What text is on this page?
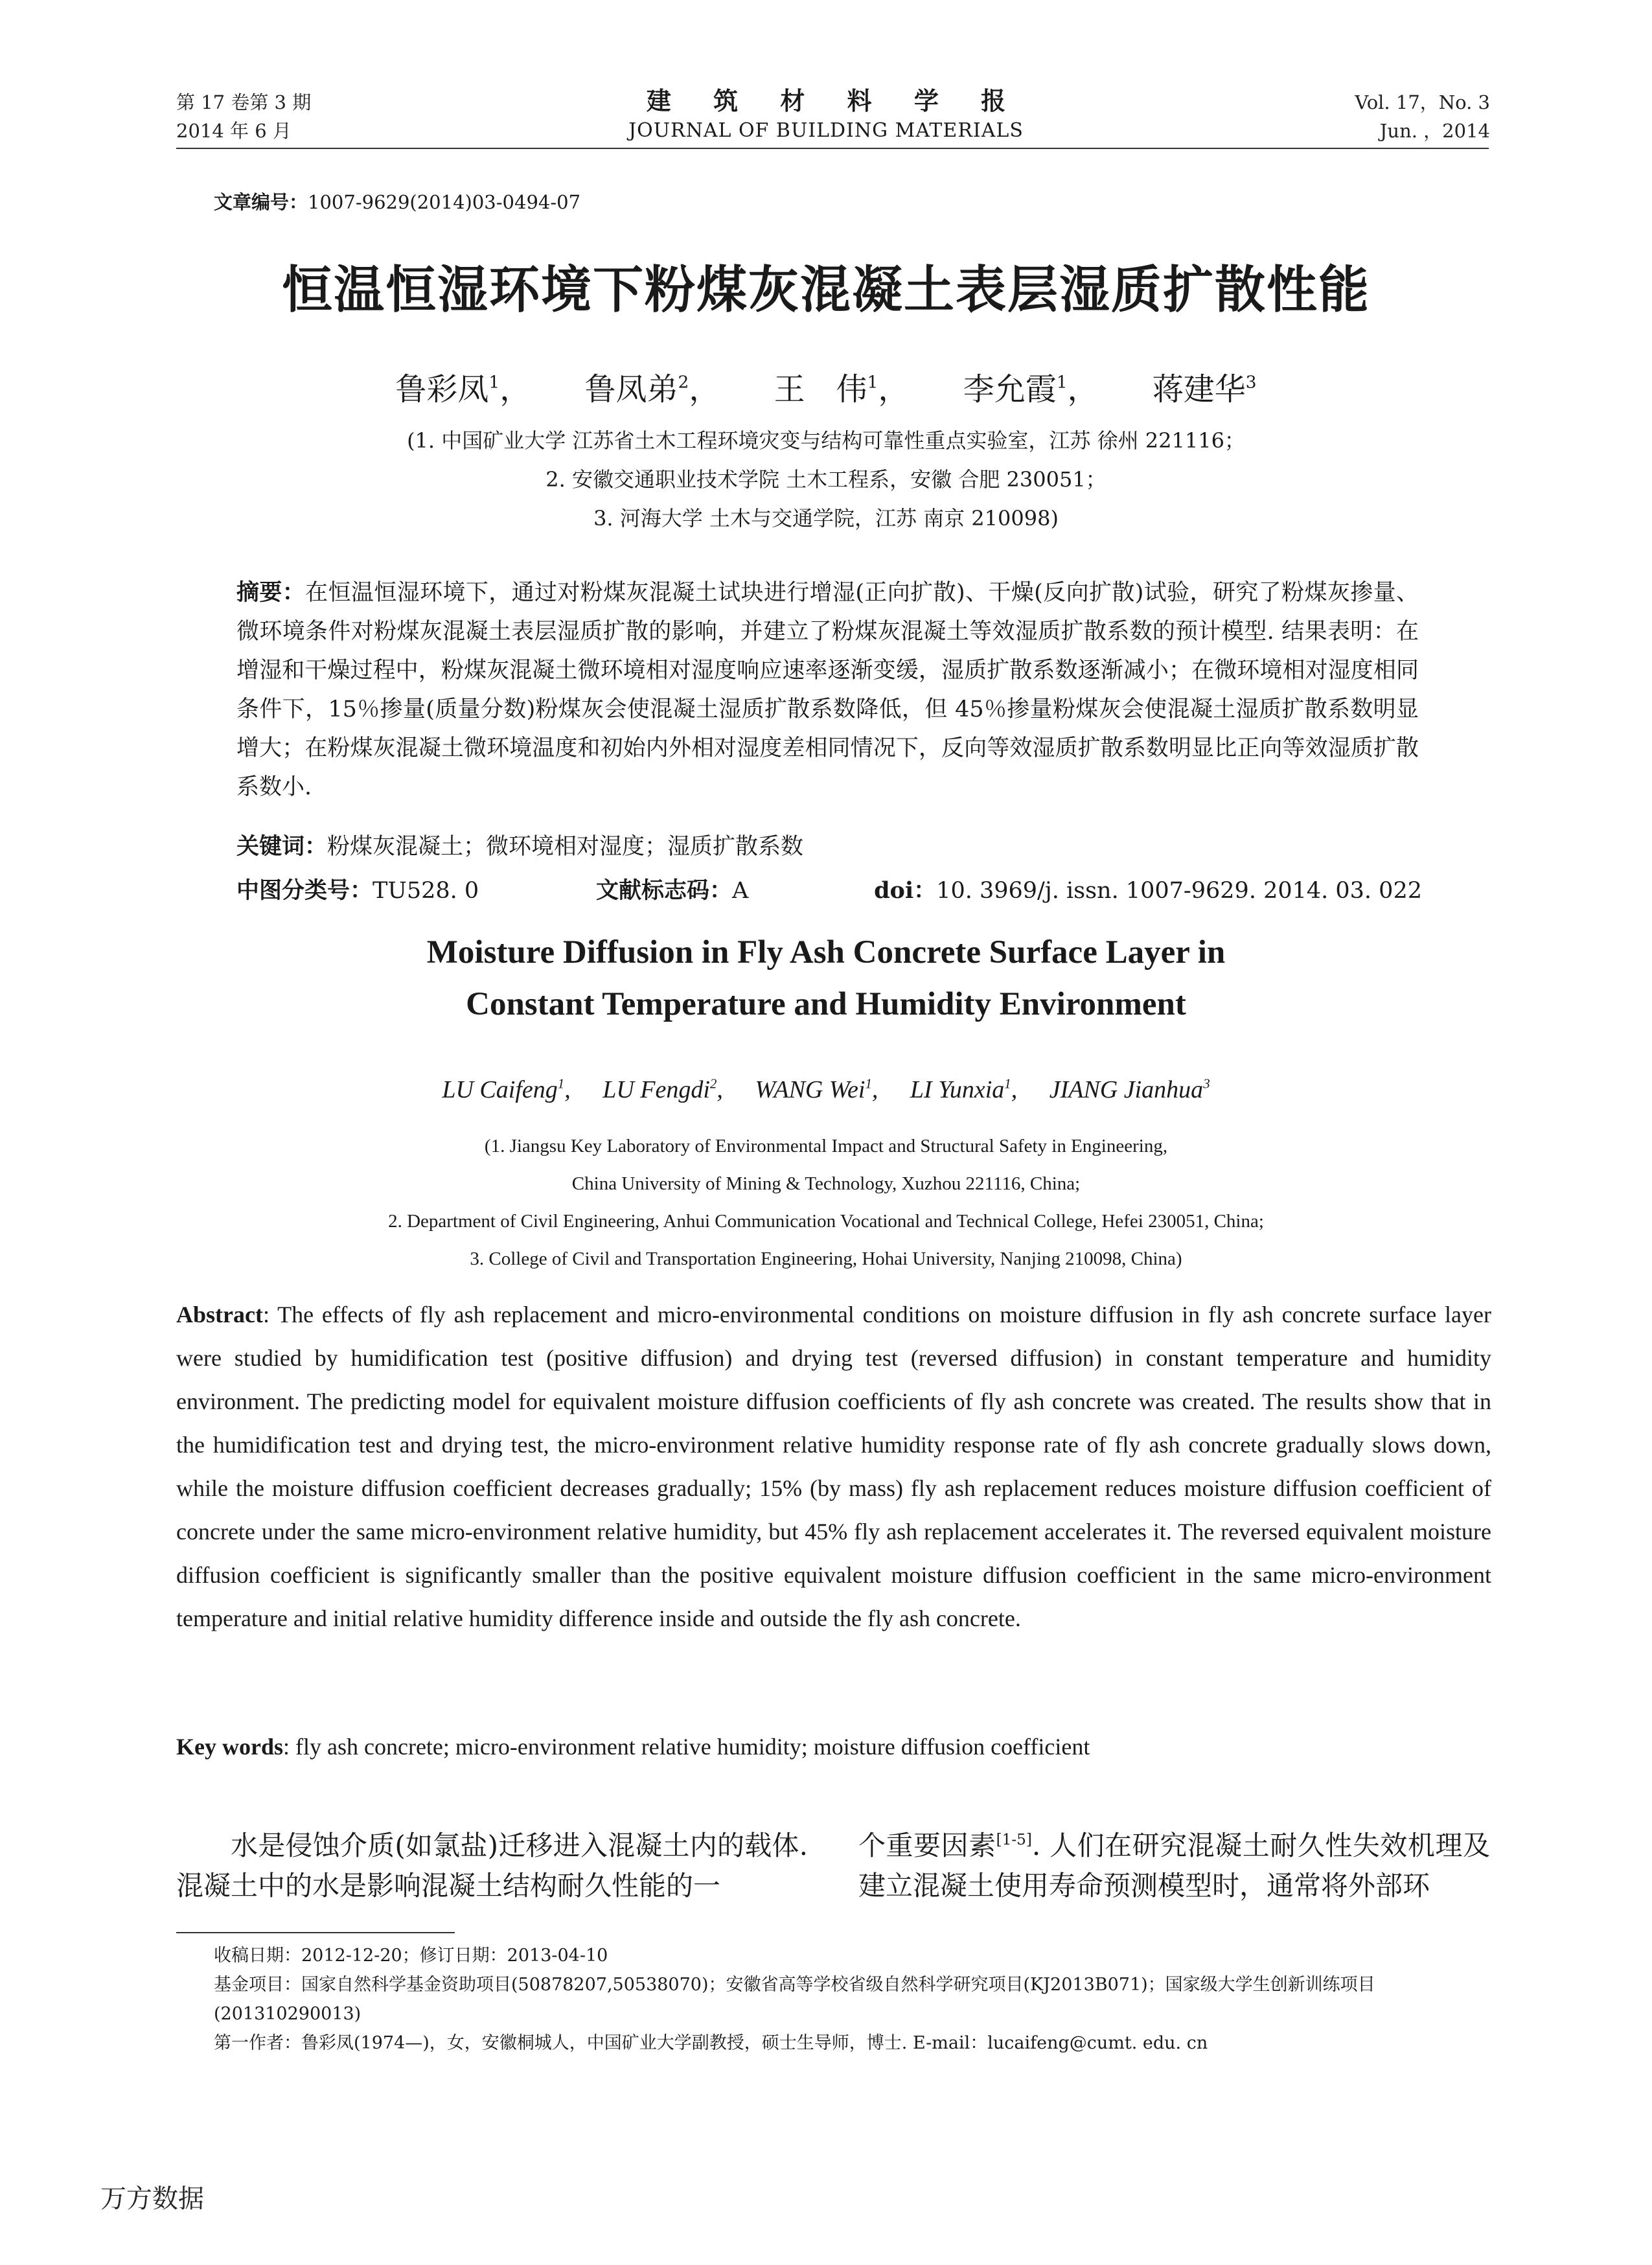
第 17 卷第 3 期
2014 年 6 月
建 筑 材 料 学 报
JOURNAL OF BUILDING MATERIALS
Vol. 17，No. 3
Jun. ，2014
文章编号：1007-9629(2014)03-0494-07
恒温恒湿环境下粉煤灰混凝土表层湿质扩散性能
鲁彩凤$^1$， 鲁凤弟$^2$， 王　伟$^1$， 李允霞$^1$， 蒋建华$^3$
(1. 中国矿业大学 江苏省土木工程环境灾变与结构可靠性重点实验室，江苏 徐州 221116；
2. 安徽交通职业技术学院 土木工程系，安徽 合肥 230051；
3. 河海大学 土木与交通学院，江苏 南京 210098)
摘要：在恒温恒湿环境下，通过对粉煤灰混凝土试块进行增湿(正向扩散)、干燥(反向扩散)试验，研究了粉煤灰掺量、微环境条件对粉煤灰混凝土表层湿质扩散的影响，并建立了粉煤灰混凝土等效湿质扩散系数的预计模型. 结果表明：在增湿和干燥过程中，粉煤灰混凝土微环境相对湿度响应速率逐渐变缓，湿质扩散系数逐渐减小；在微环境相对湿度相同条件下，15％掺量(质量分数)粉煤灰会使混凝土湿质扩散系数降低，但 45％掺量粉煤灰会使混凝土湿质扩散系数明显增大；在粉煤灰混凝土微环境温度和初始内外相对湿度差相同情况下，反向等效湿质扩散系数明显比正向等效湿质扩散系数小.
关键词：粉煤灰混凝土；微环境相对湿度；湿质扩散系数
中图分类号：TU528. 0	文献标志码：A	doi：10. 3969/j. issn. 1007-9629. 2014. 03. 022
Moisture Diffusion in Fly Ash Concrete Surface Layer in
Constant Temperature and Humidity Environment
LU Caifeng$^1$, LU Fengdi$^2$, WANG Wei$^1$, LI Yunxia$^1$, JIANG Jianhua$^3$
(1. Jiangsu Key Laboratory of Environmental Impact and Structural Safety in Engineering,
China University of Mining & Technology, Xuzhou 221116, China;
2. Department of Civil Engineering, Anhui Communication Vocational and Technical College, Hefei 230051, China;
3. College of Civil and Transportation Engineering, Hohai University, Nanjing 210098, China)
Abstract: The effects of fly ash replacement and micro-environmental conditions on moisture diffusion in fly ash concrete surface layer were studied by humidification test (positive diffusion) and drying test (reversed diffusion) in constant temperature and humidity environment. The predicting model for equivalent moisture diffusion coefficients of fly ash concrete was created. The results show that in the humidification test and drying test, the micro-environment relative humidity response rate of fly ash concrete gradually slows down, while the moisture diffusion coefficient decreases gradually; 15% (by mass) fly ash replacement reduces moisture diffusion coefficient of concrete under the same micro-environment relative humidity, but 45% fly ash replacement accelerates it. The reversed equivalent moisture diffusion coefficient is significantly smaller than the positive equivalent moisture diffusion coefficient in the same micro-environment temperature and initial relative humidity difference inside and outside the fly ash concrete.
Key words: fly ash concrete; micro-environment relative humidity; moisture diffusion coefficient
水是侵蚀介质(如氯盐)迁移进入混凝土内的载体. 混凝土中的水是影响混凝土结构耐久性能的一
个重要因素[1-5]. 人们在研究混凝土耐久性失效机理及建立混凝土使用寿命预测模型时，通常将外部环

收稿日期：2012-12-20；修订日期：2013-04-10

基金项目：国家自然科学基金资助项目(50878207,50538070)；安徽省高等学校省级自然科学研究项目(KJ2013B071)；国家级大学生创新训练项目(201310290013)

第一作者：鲁彩凤(1974—)，女，安徽桐城人，中国矿业大学副教授，硕士生导师，博士. E-mail：lucaifeng@cumt. edu. cn

万方数据
